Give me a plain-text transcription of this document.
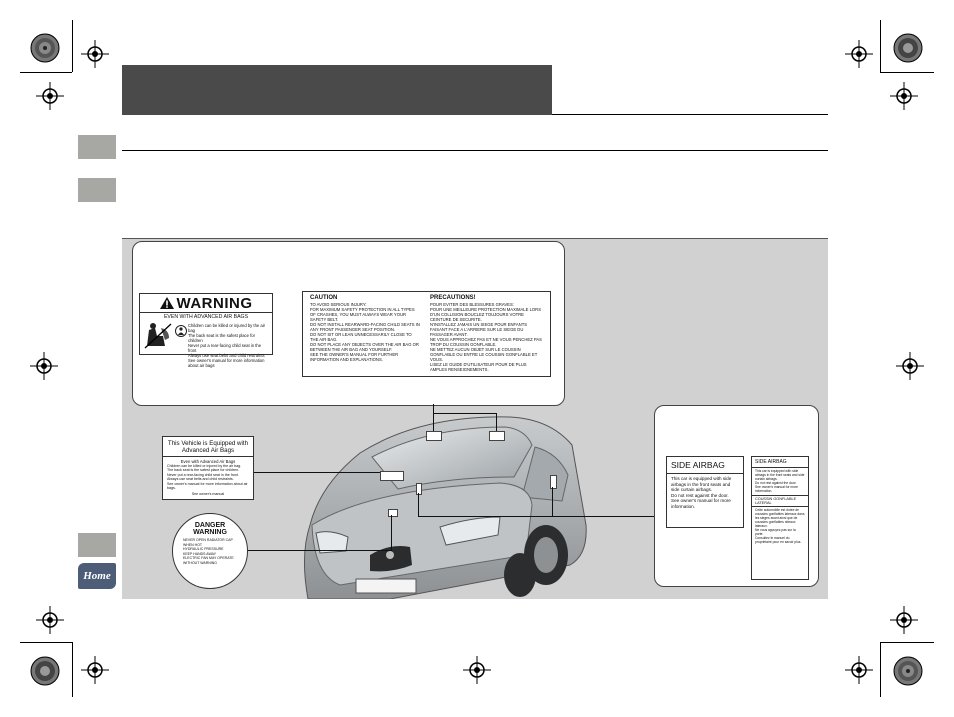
Home
WARNING
EVEN WITH ADVANCED AIR BAGS
Children can be killed or injured by the air bag
The back seat is the safest place for children
Never put a rear-facing child seat in the front
Always use seat belts and child restraints
See owner's manual for more information about air bags
CAUTION
TO AVOID SERIOUS INJURY:
FOR MAXIMUM SAFETY PROTECTION IN ALL TYPES OF CRASHES, YOU MUST ALWAYS WEAR YOUR SAFETY BELT.
DO NOT INSTALL REARWARD-FACING CHILD SEATS IN ANY FRONT PASSENGER SEAT POSITION.
DO NOT SIT OR LEAN UNNECESSARILY CLOSE TO THE AIR BAG.
DO NOT PLACE ANY OBJECTS OVER THE AIR BAG OR BETWEEN THE AIR BAG AND YOURSELF.
SEE THE OWNER'S MANUAL FOR FURTHER INFORMATION AND EXPLANATIONS.
PRECAUTIONS!
POUR EVITER DES BLESSURES GRAVES:
POUR UNE MEILLEURE PROTECTION MAXIMALE LORS D'UN COLLISION BOUCLEZ TOUJOURS VOTRE CEINTURE DE SECURITE.
N'INSTALLEZ JAMAIS UN SIEGE POUR ENFANTS FAISANT FACE A L'ARRIERE SUR LE SIEGE DU PASSAGER AVANT.
NE VOUS APPROCHEZ PAS ET NE VOUS PENCHEZ PAS TROP DU COUSSIN GONFLABLE.
NE METTEZ AUCUN OBJET SUR LE COUSSIN GONFLABLE OU ENTRE LE COUSSIN GONFLABLE ET VOUS.
LISEZ LE GUIDE D'UTILISATEUR POUR DE PLUS AMPLES RENSEIGNEMENTS.
This Vehicle is Equipped with
Advanced Air Bags
Even with Advanced Air Bags
Children can be killed or injured by the air bag.
The back seat is the safest place for children.
Never put a rear-facing child seat in the front.
Always use seat belts and child restraints.
See owner's manual for more information about air bags.
See owner's manual
DANGER
WARNING
NEVER OPEN RADIATOR CAP
WHEN HOT
HYDRAULIC PRESSURE
KEEP HANDS AWAY
ELECTRIC FAN MAY OPERATE
WITHOUT WARNING
SIDE AIRBAG
This car is equipped with side airbags in the front seats and side curtain airbags.
Do not rest against the door.
See owner's manual for more information.
SIDE AIRBAG
This car is equipped with side airbags in the front seats and side curtain airbags.
Do not rest against the door.
See owner's manual for more information.
COUSSIN GONFLABLE LATERAL
Cette automobile est dotee de coussins gonflables lateraux dans les sieges avant ainsi que de coussins gonflables rideaux lateraux.
Ne vous appuyez pas sur la porte.
Consultez le manuel du proprietaire pour en savoir plus.
